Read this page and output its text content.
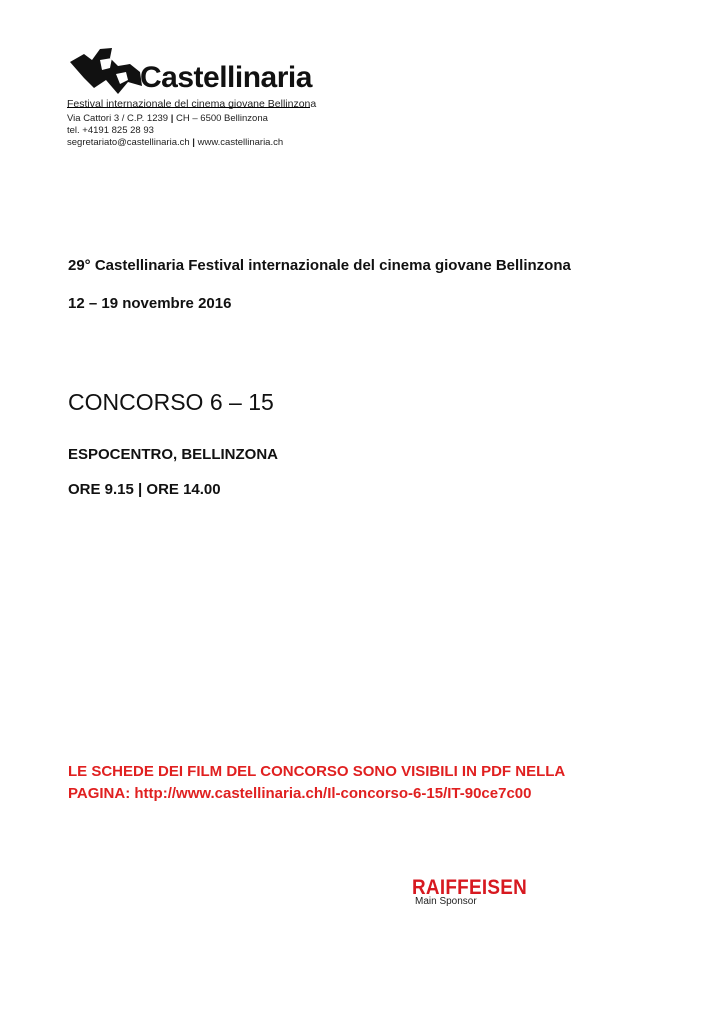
Castellinaria
Festival internazionale del cinema giovane Bellinzona
Via Cattori 3 / C.P. 1239 | CH – 6500 Bellinzona
tel. +4191 825 28 93
segretariato@castellinaria.ch | www.castellinaria.ch
29° Castellinaria Festival internazionale del cinema giovane Bellinzona
12 – 19 novembre 2016
CONCORSO 6 – 15
ESPOCENTRO, BELLINZONA
ORE 9.15 | ORE 14.00
LE SCHEDE DEI FILM DEL CONCORSO SONO VISIBILI IN PDF NELLA
PAGINA: http://www.castellinaria.ch/Il-concorso-6-15/IT-90ce7c00
RAIFFEISEN
Main Sponsor
